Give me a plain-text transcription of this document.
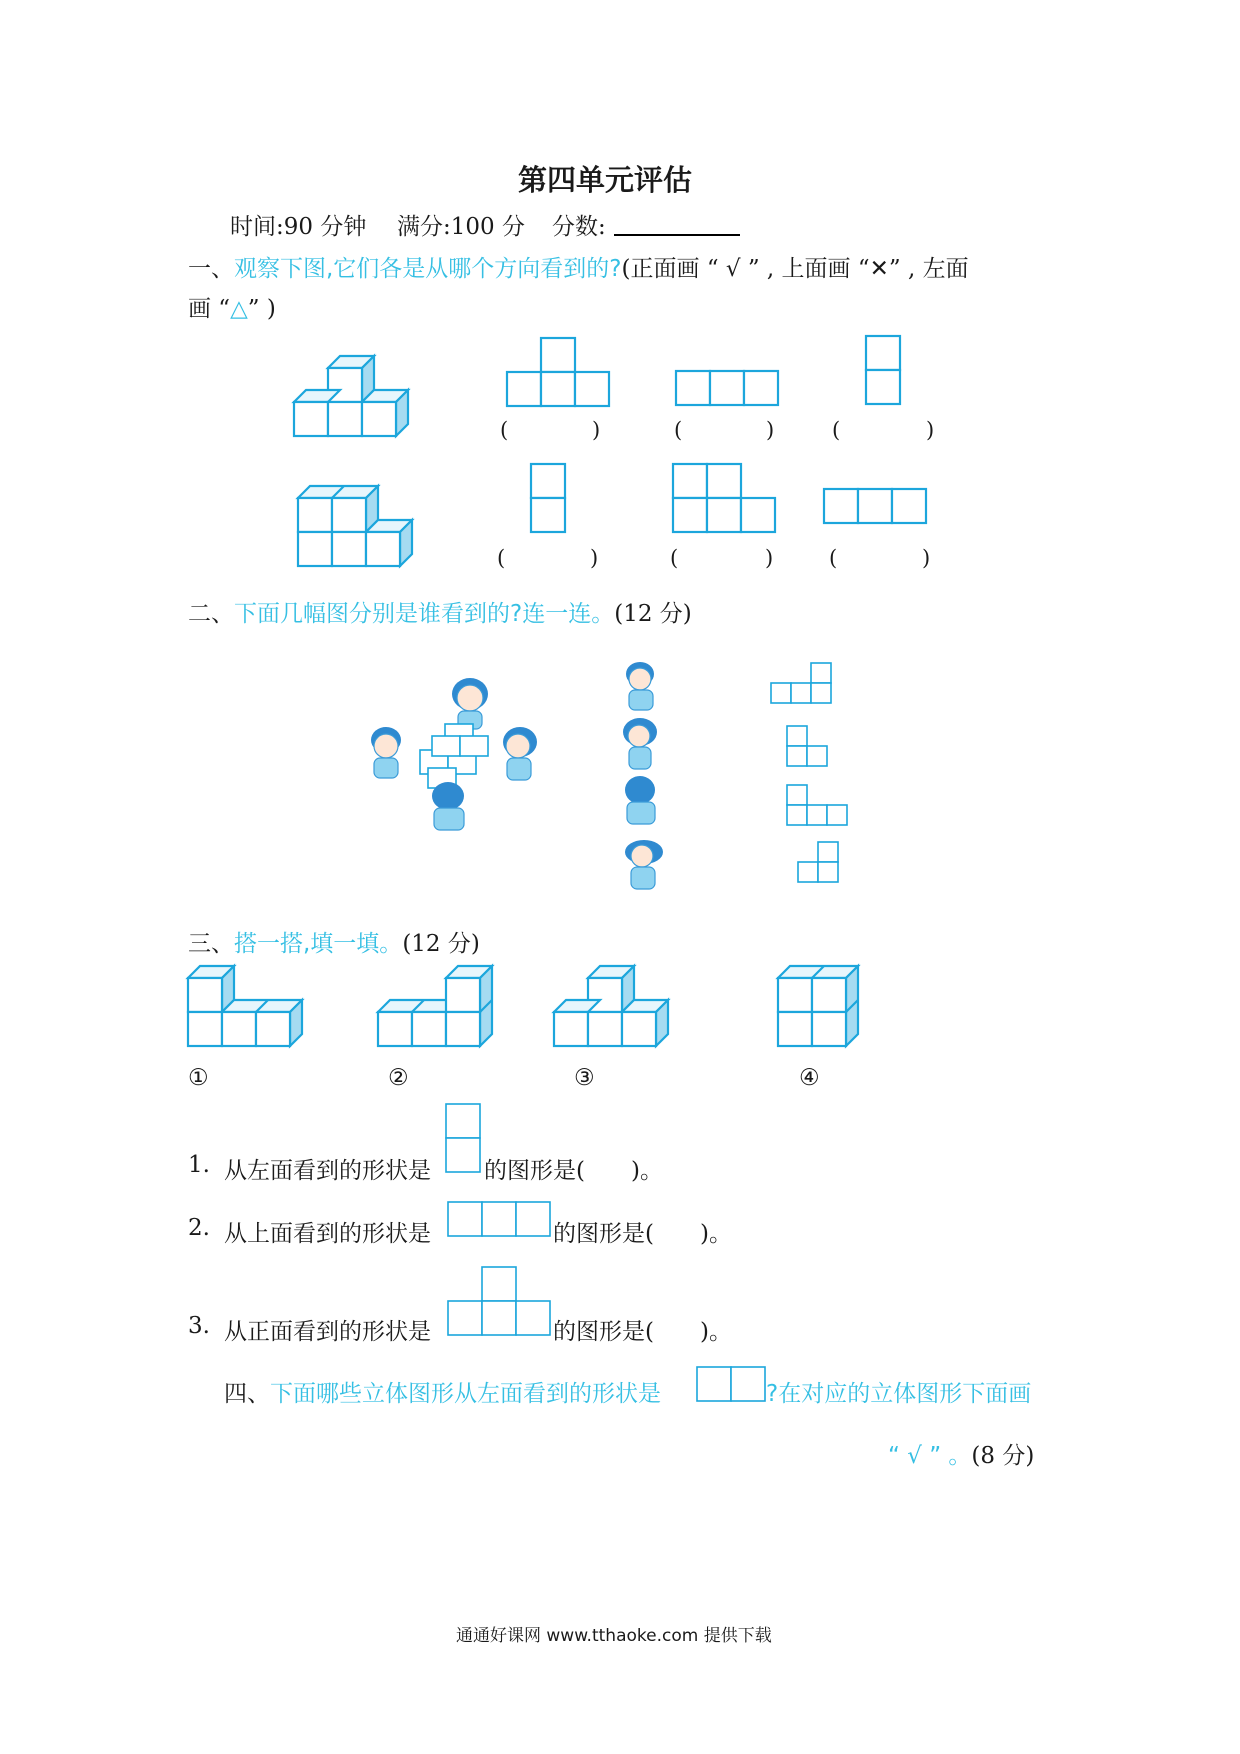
第四单元评估
时间:90 分钟 满分:100 分 分数:
一、观察下图,它们各是从哪个方向看到的?(正面画 “ √ ” , 上面画 “✕” , 左面
画 “△” )
(	)	(	)	(	)
(	)	(	)	(	)
二、下面几幅图分别是谁看到的?连一连。(12 分)
三、搭一搭,填一填。(12 分)
①	②	③	④
1. 从左面看到的形状是 的图形是(　　)。
2. 从上面看到的形状是	的图形是(　　)。
3. 从正面看到的形状是	的图形是(　　)。
四、下面哪些立体图形从左面看到的形状是	?在对应的立体图形下面画
“ √ ” 。(8 分)
通通好课网 www.tthaoke.com 提供下载
